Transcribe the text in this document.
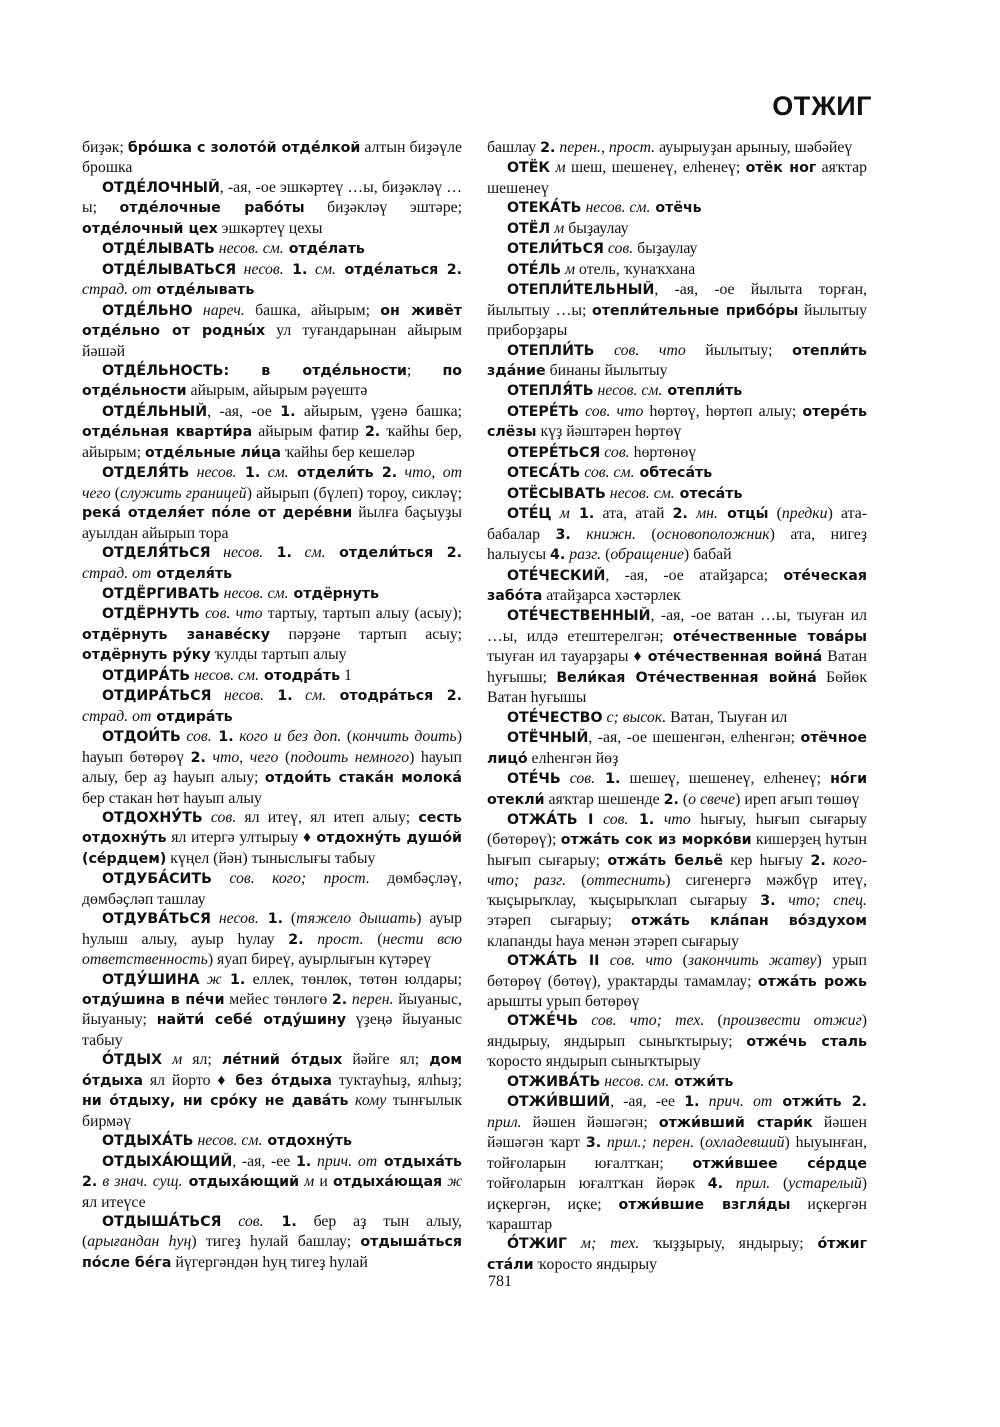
ОТЖИГ

биҙәк; бро́шка с золото́й отде́лкой алтын биҙәүле брошка

ОТДЕ́ЛОЧНЫЙ, -ая, -ое эшкәртеү …ы, биҙәкләү …ы; отде́лочные рабо́ты биҙәкләү эштәре; отде́лочный цех эшкәртеү цехы

ОТДЕ́ЛЫВАТЬ несов. см. отде́лать

ОТДЕ́ЛЫВАТЬСЯ несов. 1. см. отде́латься 2. страд. от отде́лывать

ОТДЕ́ЛЬНО нареч. башка, айырым; он живёт отде́льно от родны́х ул туғандарынан айырым йәшәй

ОТДЕ́ЛЬНОСТЬ: в отде́льности; по отде́льности айырым, айырым рәүештә

ОТДЕ́ЛЬНЫЙ, -ая, -ое 1. айырым, үҙенә башка; отде́льная кварти́ра айырым фатир 2. ҡайһы бер, айырым; отде́льные ли́ца ҡайһы бер кешеләр

ОТДЕЛЯ́ТЬ несов. 1. см. отдели́ть 2. что, от чего (служить границей) айырып (бүлеп) тороу, сикләү; река́ отделя́ет по́ле от дере́вни йылға баҫыуҙы ауылдан айырып тора

ОТДЕЛЯ́ТЬСЯ несов. 1. см. отдели́ться 2. страд. от отделя́ть

ОТДЁРГИВАТЬ несов. см. отдёрнуть

ОТДЁРНУТЬ сов. что тартыу, тартып алыу (асыу); отдёрнуть занаве́ску пәрҙәне тартып асыу; отдёрнуть ру́ку ҡулды тартып алыу

ОТДИРА́ТЬ несов. см. отодра́ть 1

ОТДИРА́ТЬСЯ несов. 1. см. отодра́ться 2. страд. от отдира́ть

ОТДОИ́ТЬ сов. 1. кого и без доп. (кончить доить) һауып бөтөрөү 2. что, чего (подоить немного) һауып алыу, бер аҙ һауып алыу; отдои́ть стака́н молока́ бер стакан һөт һауып алыу

ОТДОХНУ́ТЬ сов. ял итеү, ял итеп алыу; сесть отдохну́ть ял итергә ултырыу ♦ отдохну́ть душо́й (се́рдцем) күңел (йән) тыныслығы табыу

ОТДУБА́СИТЬ сов. кого; прост. дөмбәҫләү, дөмбәҫләп ташлау

ОТДУВА́ТЬСЯ несов. 1. (тяжело дышать) ауыр һулыш алыу, ауыр һулау 2. прост. (нести всю ответственность) яуап биреү, ауырлығын күтәреү

ОТДУ́ШИНА ж 1. еллек, төнлөк, төтөн юлдары; отду́шина в пе́чи мейес төнлөгө 2. перен. йыуаныс, йыуаныу; найти́ себе́ отду́шину үҙеңә йыуаныс табыу

О́ТДЫХ м ял; ле́тний о́тдых йәйге ял; дом о́тдыха ял йорто ♦ без о́тдыха туктауһыҙ, ялһыҙ; ни о́тдыху, ни сро́ку не дава́ть кому тынғылык бирмәү

ОТДЫХА́ТЬ несов. см. отдохну́ть

ОТДЫХА́ЮЩИЙ, -ая, -ее 1. прич. от отдыха́ть 2. в знач. сущ. отдыха́ющий м и отдыха́ющая ж ял итеүсе

ОТДЫША́ТЬСЯ сов. 1. бер аҙ тын алыу, (арығандан һуң) тигеҙ һулай башлау; отдыша́ться по́сле бе́га йүгергәндән һуң тигеҙ һулай

башлау 2. перен., прост. ауырыуҙан арыныу, шәбәйеү

ОТЁК м шеш, шешенеү, елһенеү; отёк ног аяҡтар шешенеү

ОТЕКА́ТЬ несов. см. отёчь

ОТЁЛ м быҙаулау

ОТЕЛИ́ТЬСЯ сов. быҙаулау

ОТЕ́ЛЬ м отель, ҡунаҡхана

ОТЕПЛИ́ТЕЛЬНЫЙ, -ая, -ое йылыта торған, йылытыу …ы; отепли́тельные прибо́ры йылытыу приборҙары

ОТЕПЛИ́ТЬ сов. что йылытыу; отепли́ть зда́ние бинаны йылытыу

ОТЕПЛЯ́ТЬ несов. см. отепли́ть

ОТЕРЕ́ТЬ сов. что һөртөү, һөртөп алыу; отере́ть слёзы күҙ йәштәрен һөртөү

ОТЕРЕ́ТЬСЯ сов. һөртөнөү

ОТЕСА́ТЬ сов. см. обтеса́ть

ОТЁСЫВАТЬ несов. см. отеса́ть

ОТЕ́Ц м 1. ата, атай 2. мн. отцы́ (предки) ата-бабалар 3. книжн. (основоположник) ата, нигеҙ һалыусы 4. разг. (обращение) бабай

ОТЕ́ЧЕСКИЙ, -ая, -ое атайҙарса; оте́ческая забо́та атайҙарса хәстәрлек

ОТЕ́ЧЕСТВЕННЫЙ, -ая, -ое ватан …ы, тыуған ил …ы, илдә етештерелгән; оте́чественные това́ры тыуған ил тауарҙары ♦ оте́чественная война́ Ватан һуғышы; Вели́кая Оте́чественная война́ Бөйөк Ватан һуғышы

ОТЕ́ЧЕСТВО с; высок. Ватан, Тыуған ил

ОТЁЧНЫЙ, -ая, -ое шешенгән, елһенгән; отёчное лицо́ елһенгән йөҙ

ОТЕ́ЧЬ сов. 1. шешеү, шешенеү, елһенеү; но́ги отекли́ аяҡтар шешенде 2. (о свече) иреп ағып төшөү

ОТЖА́ТЬ I сов. 1. что һығыу, һығып сығарыу (бөтөрөү); отжа́ть сок из морко́ви кишерҙең һутын һығып сығарыу; отжа́ть бельё кер һығыу 2. кого-что; разг. (оттеснить) сигенергә мәжбүр итеү, ҡыҫырыҡлау, ҡыҫырыҡлап сығарыу 3. что; спец. этәреп сығарыу; отжа́ть кла́пан во́здухом клапанды һауа менән этәреп сығарыу

ОТЖА́ТЬ II сов. что (закончить жатву) урып бөтөрөү (бөтөү), урактарды тамамлау; отжа́ть рожь арышты урып бөтөрөү

ОТЖЕ́ЧЬ сов. что; тех. (произвести отжиг) яндырыу, яндырып сыныҡтырыу; отже́чь сталь ҡоросто яндырып сыныҡтырыу

ОТЖИВА́ТЬ несов. см. отжи́ть

ОТЖИ́ВШИЙ, -ая, -ее 1. прич. от отжи́ть 2. прил. йәшен йәшәгән; отжи́вший стари́к йәшен йәшәгән ҡарт 3. прил.; перен. (охладевший) һыуынған, тойғоларын юғалтҡан; отжи́вшее се́рдце тойғоларын юғалтҡан йөрәк 4. прил. (устарелый) иҫкергән, иҫке; отжи́вшие взгля́ды иҫкергән ҡараштар

О́ТЖИГ м; тех. ҡыҙҙырыу, яндырыу; о́тжиг ста́ли ҡоросто яндырыу

781
